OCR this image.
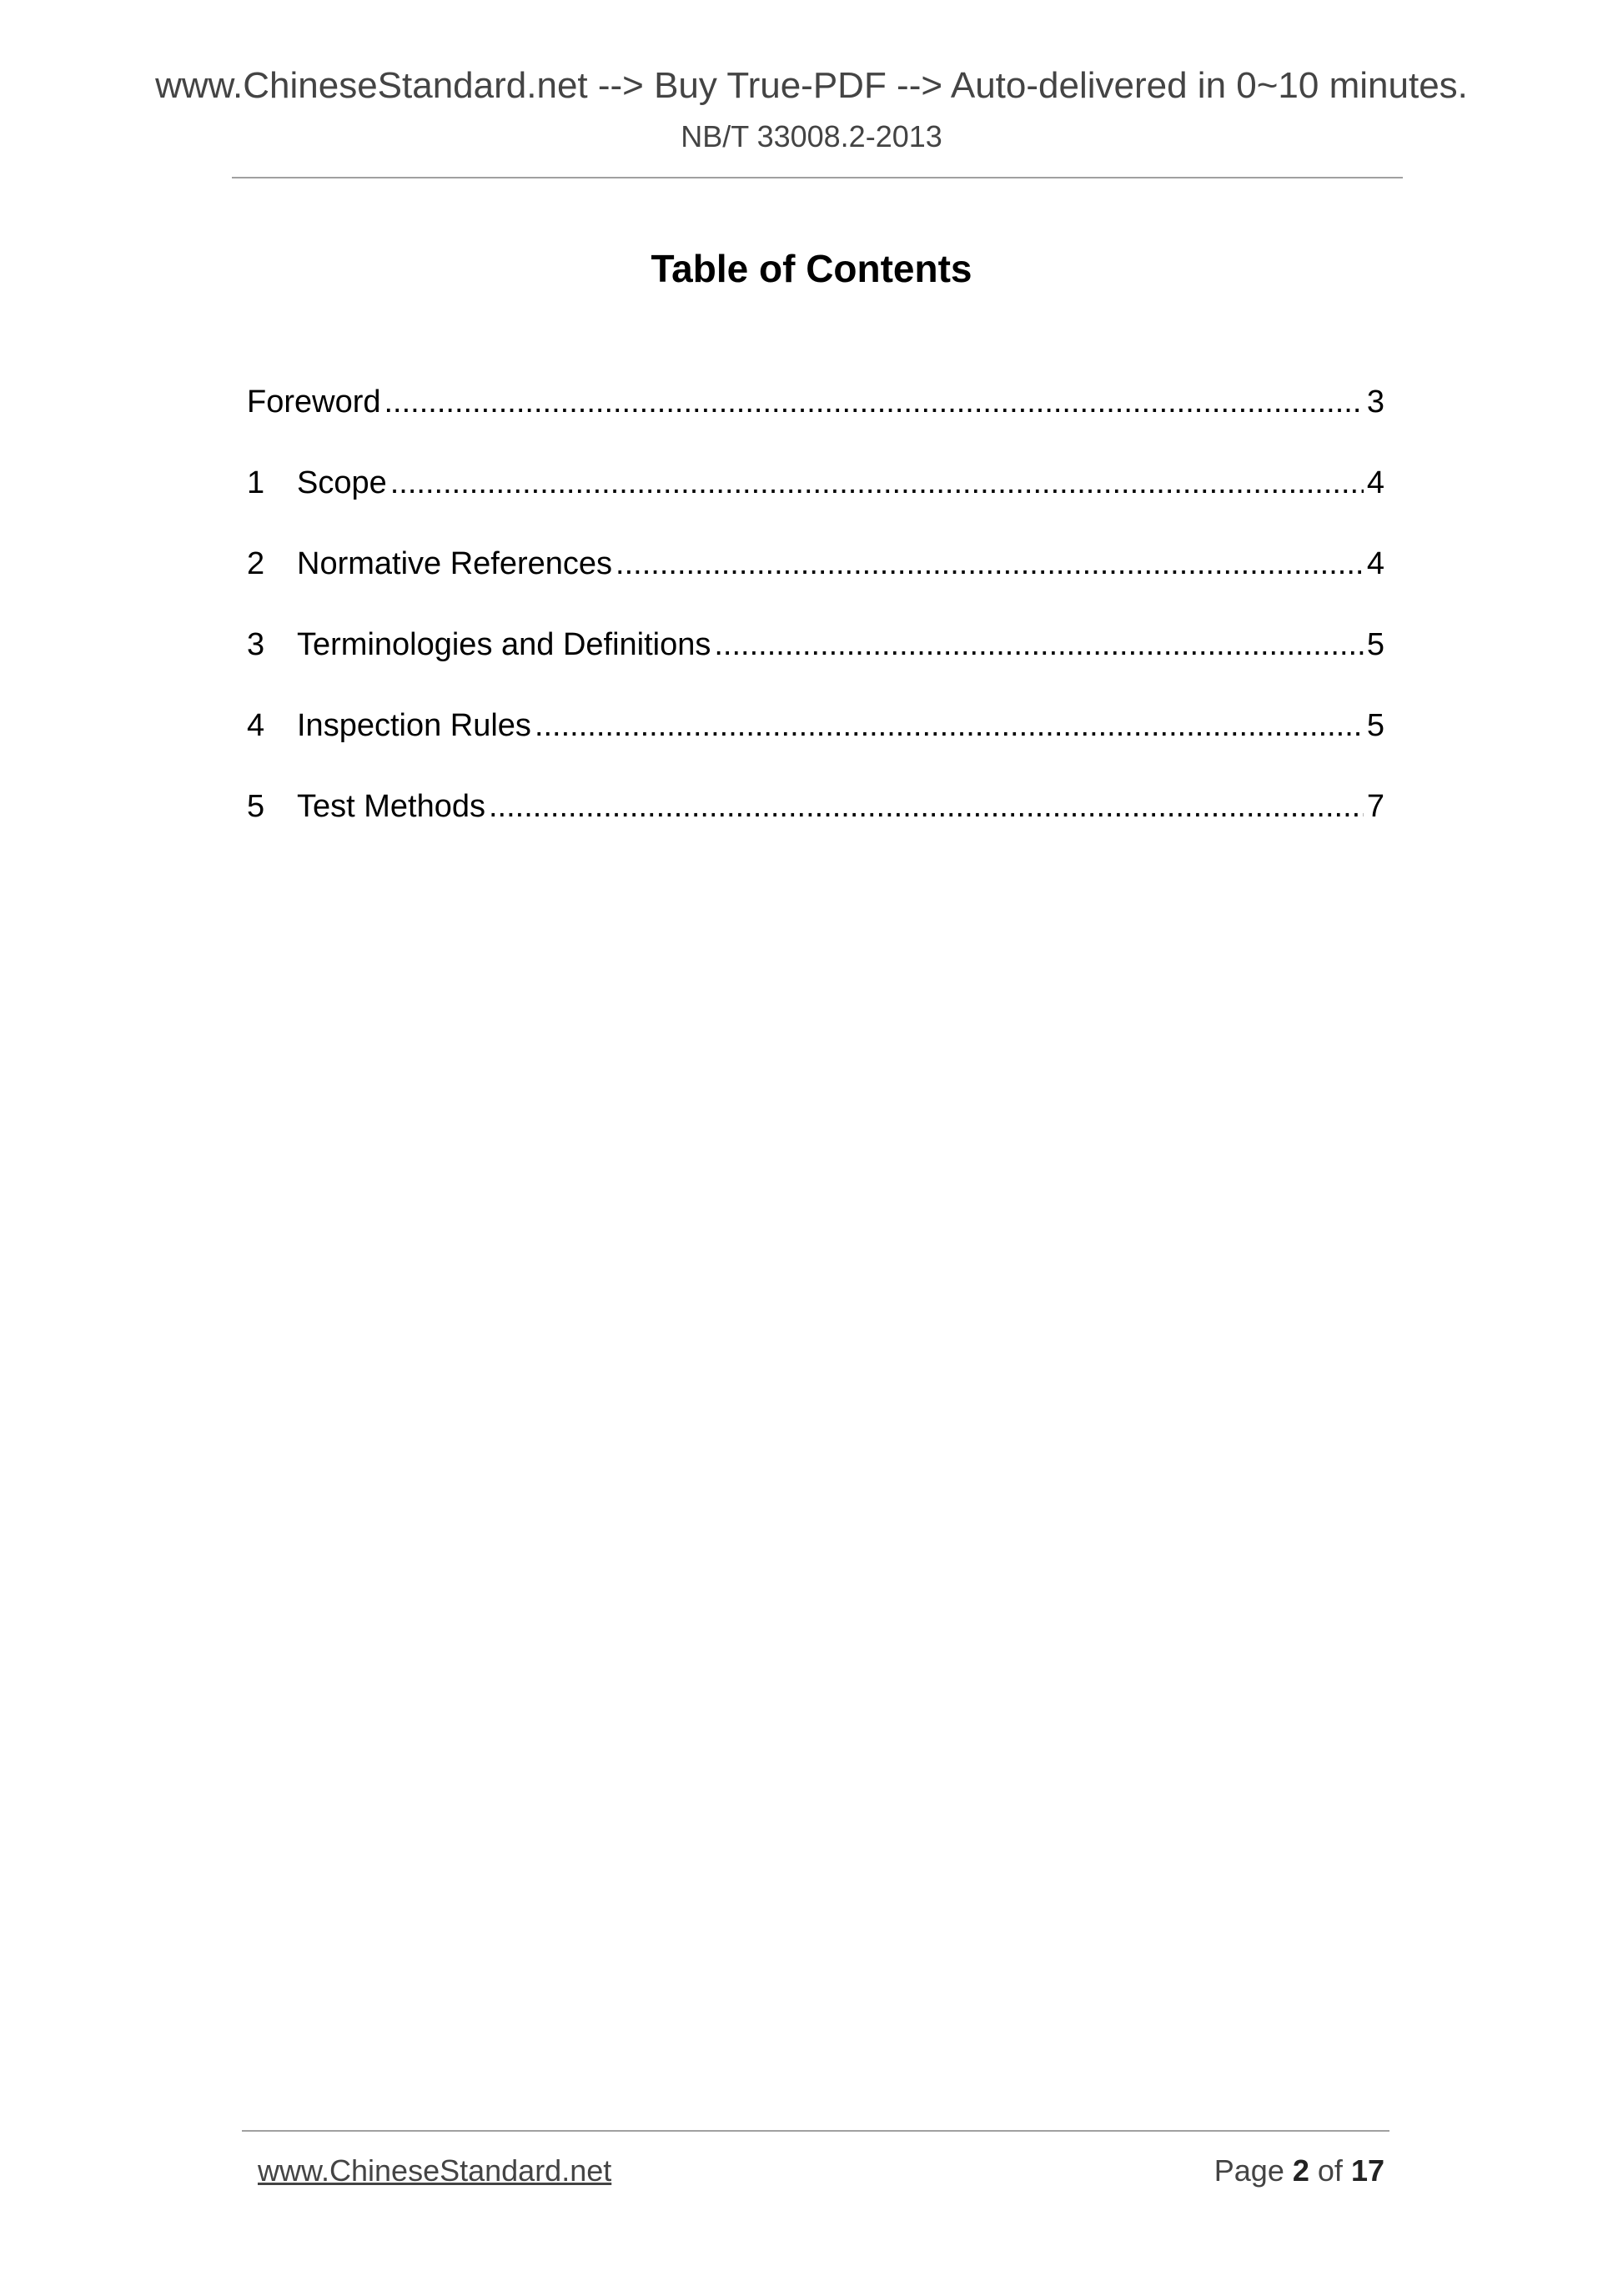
www.ChineseStandard.net --> Buy True-PDF --> Auto-delivered in 0~10 minutes.
NB/T 33008.2-2013
Table of Contents
Foreword .....	3
1	Scope .....	4
2	Normative References .....	4
3	Terminologies and Definitions .....	5
4	Inspection Rules .....	5
5	Test Methods .....	7
www.ChineseStandard.net	Page 2 of 17
